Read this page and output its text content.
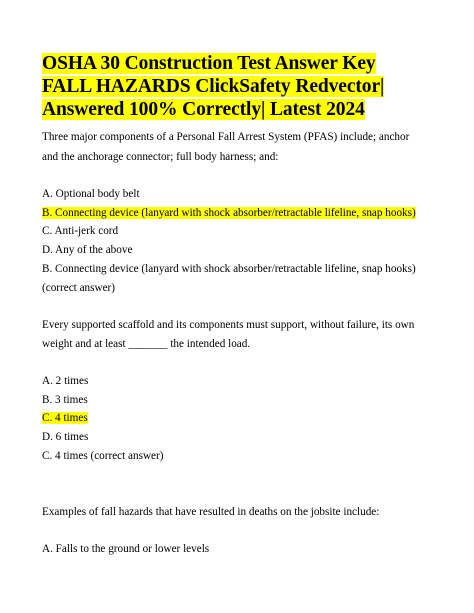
OSHA 30 Construction Test Answer Key
FALL HAZARDS ClickSafety Redvector|
Answered 100% Correctly| Latest 2024
Three major components of a Personal Fall Arrest System (PFAS) include; anchor
and the anchorage connector; full body harness; and:
A. Optional body belt
B. Connecting device (lanyard with shock absorber/retractable lifeline, snap hooks)
C. Anti-jerk cord
D. Any of the above
B. Connecting device (lanyard with shock absorber/retractable lifeline, snap hooks)
(correct answer)
Every supported scaffold and its components must support, without failure, its own
weight and at least _______ the intended load.
A. 2 times
B. 3 times
C. 4 times
D. 6 times
C. 4 times (correct answer)
Examples of fall hazards that have resulted in deaths on the jobsite include:
A. Falls to the ground or lower levels
